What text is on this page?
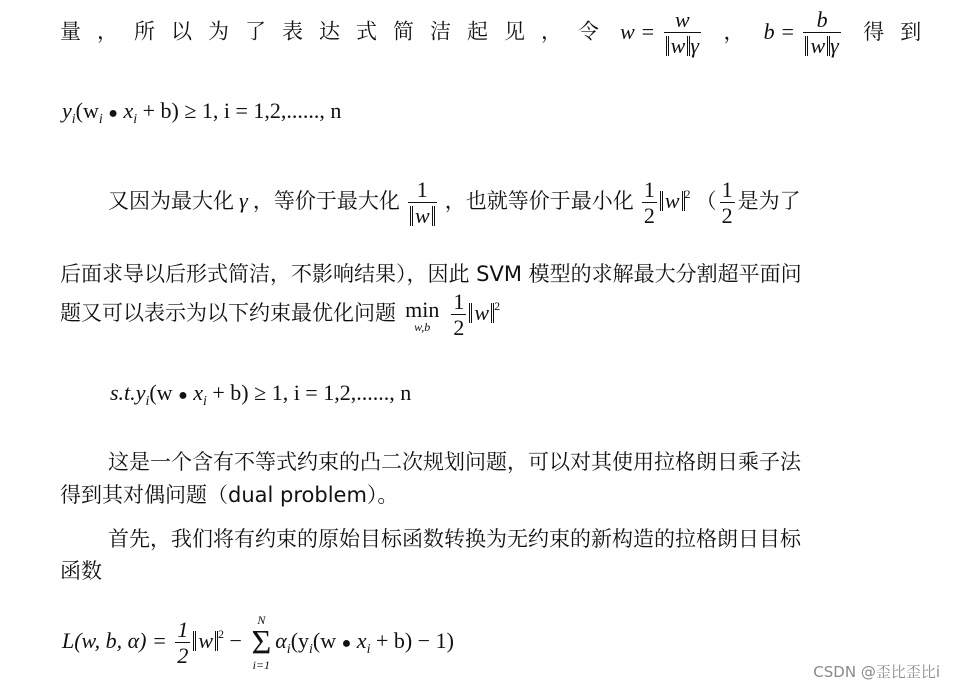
量，所以为了表达式简洁起见，令 $w = \frac{w}{\text{w γ}}$ ， $b = \frac{b}{\text{w γ}}$ 得到
$y_i(w_i$ ● $x_i + b) \ge 1$, i = 1,2,......, n
又因为最大化 γ ，等价于最大化 $\frac{1}{w}$ ，也就等价于最小化 $\frac{1}{2}$ w $^2$ （ $\frac{1}{2}$ 是为了
后面求导以后形式简洁，不影响结果），因此 SVM 模型的求解最大分割超平面问
题又可以表示为以下约束最优化问题 min
w,b
$\frac{1}{2}$ w $^2$
$s.t.y_i(w$ ● $x_i + b) \ge 1$, i = 1,2,......, n
这是一个含有不等式约束的凸二次规划问题，可以对其使用拉格朗日乘子法
得到其对偶问题（dual problem）。
首先，我们将有约束的原始目标函数转换为无约束的新构造的拉格朗日目标
函数
L(w, b, $\alpha) = \frac{1}{2}$ w $^2$ −
N
Σ
i=1
$\alpha_i(y_i(w$ ● $x_i + b) - 1$)
CSDN @歪比歪比i
